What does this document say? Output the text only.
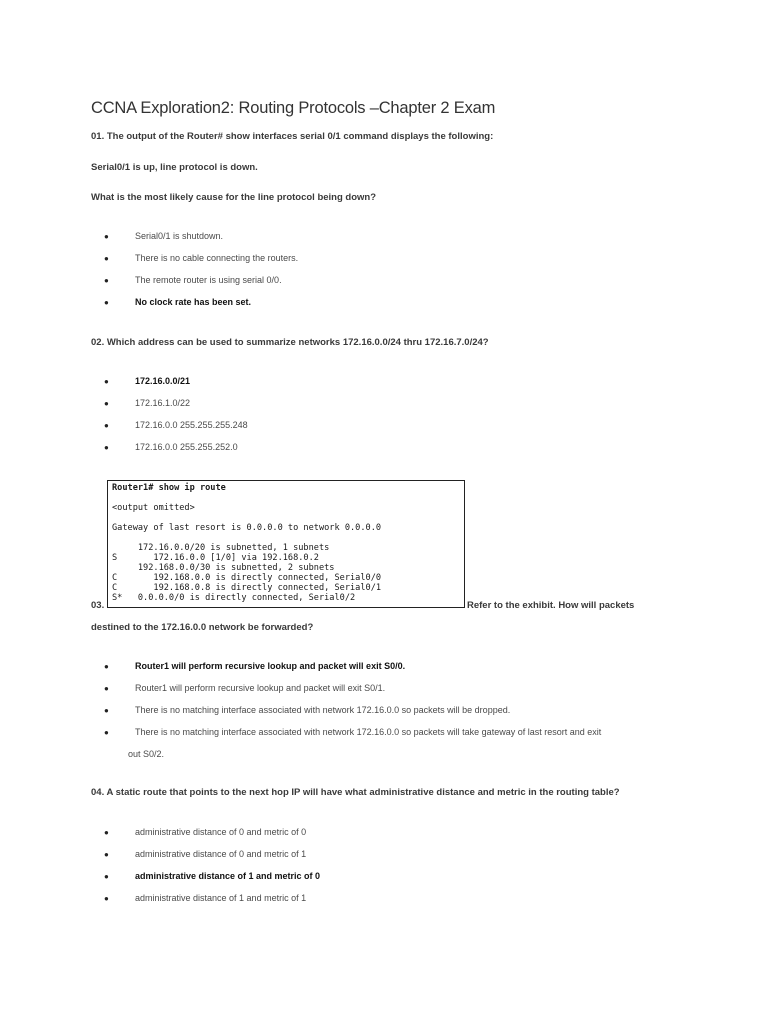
CCNA Exploration2: Routing Protocols –Chapter 2 Exam
01. The output of the Router# show interfaces serial 0/1 command displays the following:
Serial0/1 is up, line protocol is down.
What is the most likely cause for the line protocol being down?
●	Serial0/1 is shutdown.
●	There is no cable connecting the routers.
●	The remote router is using serial 0/0.
●	No clock rate has been set.
02. Which address can be used to summarize networks 172.16.0.0/24 thru 172.16.7.0/24?
●	172.16.0.0/21
●	172.16.1.0/22
●	172.16.0.0 255.255.255.248
●	172.16.0.0 255.255.252.0
Router1# show ip route
<output omitted>
Gateway of last resort is 0.0.0.0 to network 0.0.0.0
172.16.0.0/20 is subnetted, 1 subnets
S       172.16.0.0 [1/0] via 192.168.0.2
192.168.0.0/30 is subnetted, 2 subnets
C       192.168.0.0 is directly connected, Serial0/0
C       192.168.0.8 is directly connected, Serial0/1
S*   0.0.0.0/0 is directly connected, Serial0/2
03.	Refer to the exhibit. How will packets
destined to the 172.16.0.0 network be forwarded?
●	Router1 will perform recursive lookup and packet will exit S0/0.
●	Router1 will perform recursive lookup and packet will exit S0/1.
●	There is no matching interface associated with network 172.16.0.0 so packets will be dropped.
●	There is no matching interface associated with network 172.16.0.0 so packets will take gateway of last resort and exit
out S0/2.
04. A static route that points to the next hop IP will have what administrative distance and metric in the routing table?
●	administrative distance of 0 and metric of 0
●	administrative distance of 0 and metric of 1
●	administrative distance of 1 and metric of 0
●	administrative distance of 1 and metric of 1
